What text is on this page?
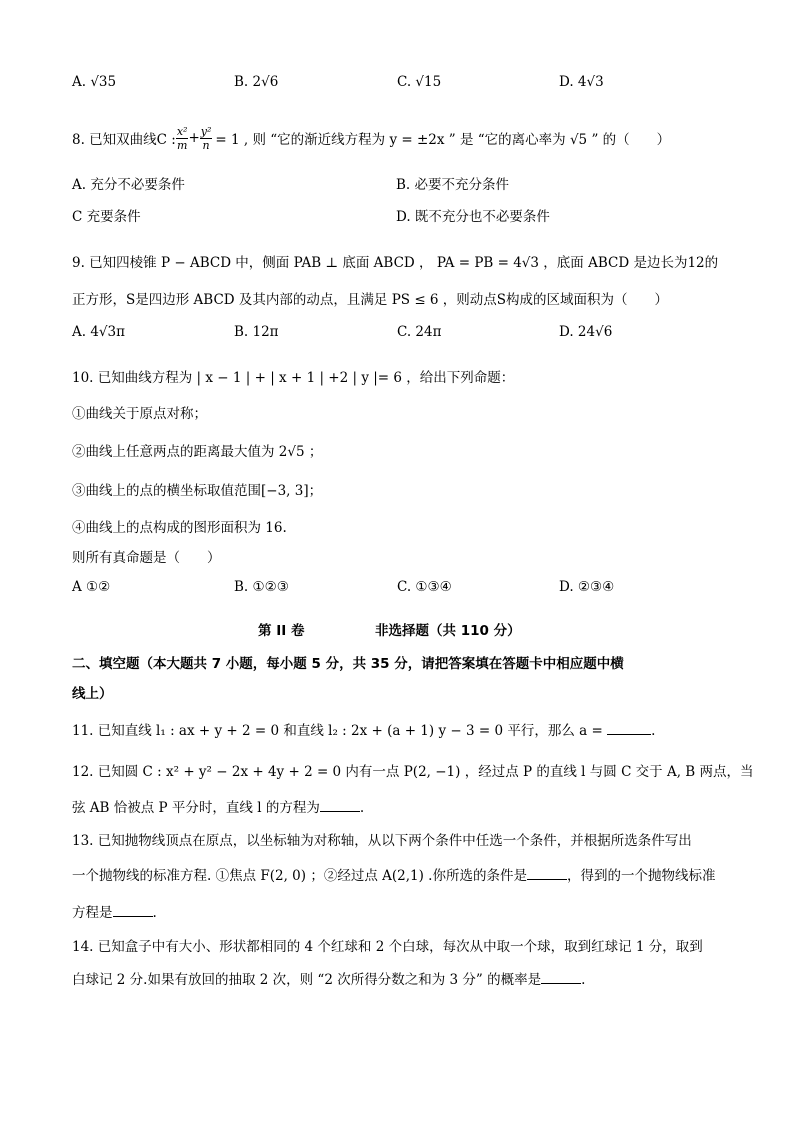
A. √35	B. 2√6	C. √15	D. 4√3
8. 已知双曲线C : $\frac{\text{x²}}{m} + \frac{\text{y²}}{n} = 1$ , 则 “它的渐近线方程为 y = ±2x ” 是 “它的离心率为 √5 ” 的（　　）
A. 充分不必要条件	B. 必要不充分条件
C 充要条件	D. 既不充分也不必要条件
9. 已知四棱锥 P − ABCD 中，侧面 PAB ⊥ 底面 ABCD ， PA = PB = 4√3 ，底面 ABCD 是边长为12的
正方形，S是四边形 ABCD 及其内部的动点，且满足 PS ≤ 6 ，则动点S构成的区域面积为（　　）
A. 4√3π	B. 12π	C. 24π	D. 24√6
10. 已知曲线方程为 | x − 1 | + | x + 1 | +2 | y |= 6 ，给出下列命题：
①曲线关于原点对称；
②曲线上任意两点的距离最大值为 2√5 ；
③曲线上的点的横坐标取值范围[−3, 3]；
④曲线上的点构成的图形面积为 16.
则所有真命题是（　　）
A ①②	B. ①②③	C. ①③④	D. ②③④
第 II 卷	非选择题（共 110 分）
二、填空题（本大题共 7 小题，每小题 5 分，共 35 分，请把答案填在答题卡中相应题中横
线上）
11. 已知直线 l₁ : ax + y + 2 = 0 和直线 l₂ : 2x + (a + 1) y − 3 = 0 平行，那么 a =	.
12. 已知圆 C : x² + y² − 2x + 4y + 2 = 0 内有一点 P(2, −1) ，经过点 P 的直线 l 与圆 C 交于 A, B 两点，当
弦 AB 恰被点 P 平分时，直线 l 的方程为	.
13. 已知抛物线顶点在原点，以坐标轴为对称轴，从以下两个条件中任选一个条件，并根据所选条件写出
一个抛物线的标准方程. ①焦点 F(2, 0) ；②经过点 A(2,1) .你所选的条件是	，得到的一个抛物线标准
方程是	.
14. 已知盒子中有大小、形状都相同的 4 个红球和 2 个白球，每次从中取一个球，取到红球记 1 分，取到
白球记 2 分.如果有放回的抽取 2 次，则 “2 次所得分数之和为 3 分” 的概率是	.
